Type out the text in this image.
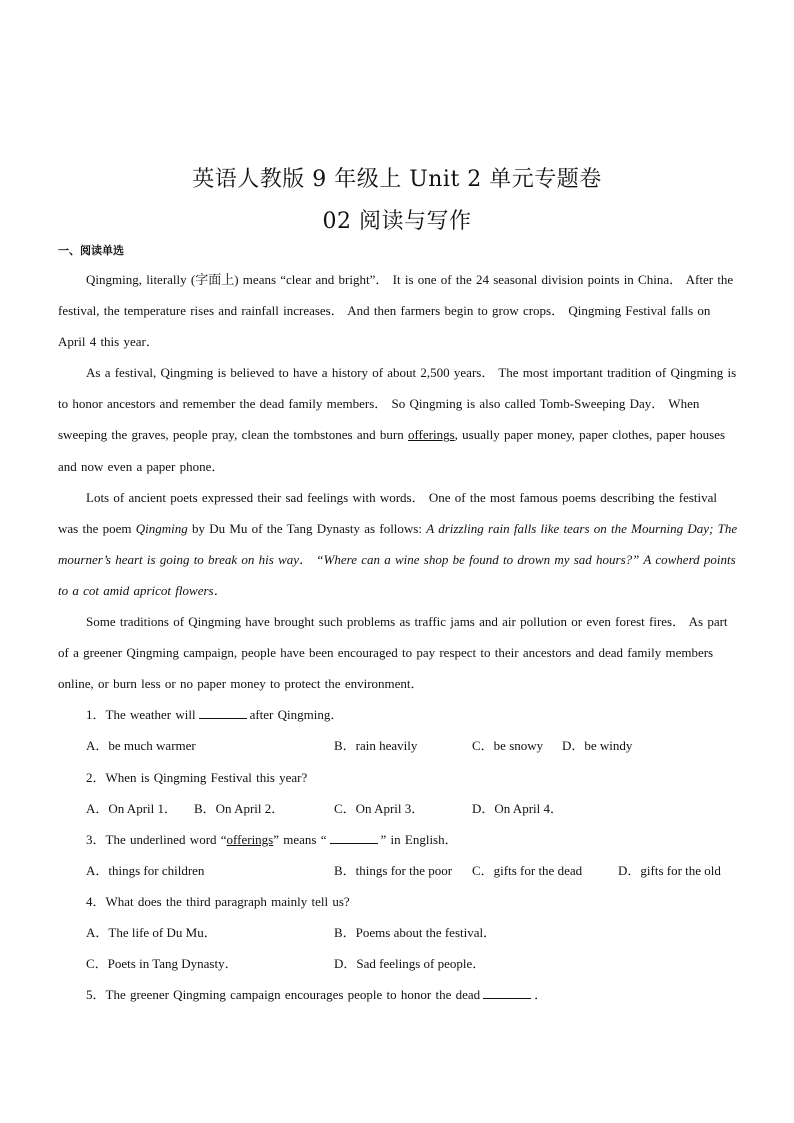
英语人教版 9 年级上 Unit 2 单元专题卷
02 阅读与写作

一、阅读单选

Qingming, literally (字面上) means “clear and bright”． It is one of the 24 seasonal division points in China． After the festival, the temperature rises and rainfall increases． And then farmers begin to grow crops． Qingming Festival falls on April 4 this year．

As a festival, Qingming is believed to have a history of about 2,500 years． The most important tradition of Qingming is to honor ancestors and remember the dead family members． So Qingming is also called Tomb-Sweeping Day． When sweeping the graves, people pray, clean the tombstones and burn offerings, usually paper money, paper clothes, paper houses and now even a paper phone．

Lots of ancient poets expressed their sad feelings with words． One of the most famous poems describing the festival was the poem Qingming by Du Mu of the Tang Dynasty as follows: A drizzling rain falls like tears on the Mourning Day; The mourner’s heart is going to break on his way． “Where can a wine shop be found to drown my sad hours?” A cowherd points to a cot amid apricot flowers．

Some traditions of Qingming have brought such problems as traffic jams and air pollution or even forest fires． As part of a greener Qingming campaign, people have been encouraged to pay respect to their ancestors and dead family members online, or burn less or no paper money to protect the environment．

1．The weather will	after Qingming．

A．be much warmer	B．rain heavily	C．be snowy	D．be windy

2．When is Qingming Festival this year?

A．On April 1．	B．On April 2．	C．On April 3．	D．On April 4．

3．The underlined word “offerings” means “	” in English．

A．things for children	B．things for the poor	C．gifts for the dead	D．gifts for the old

4．What does the third paragraph mainly tell us?

A．The life of Du Mu．	B．Poems about the festival．
C．Poets in Tang Dynasty．	D．Sad feelings of people．

5．The greener Qingming campaign encourages people to honor the dead	．
